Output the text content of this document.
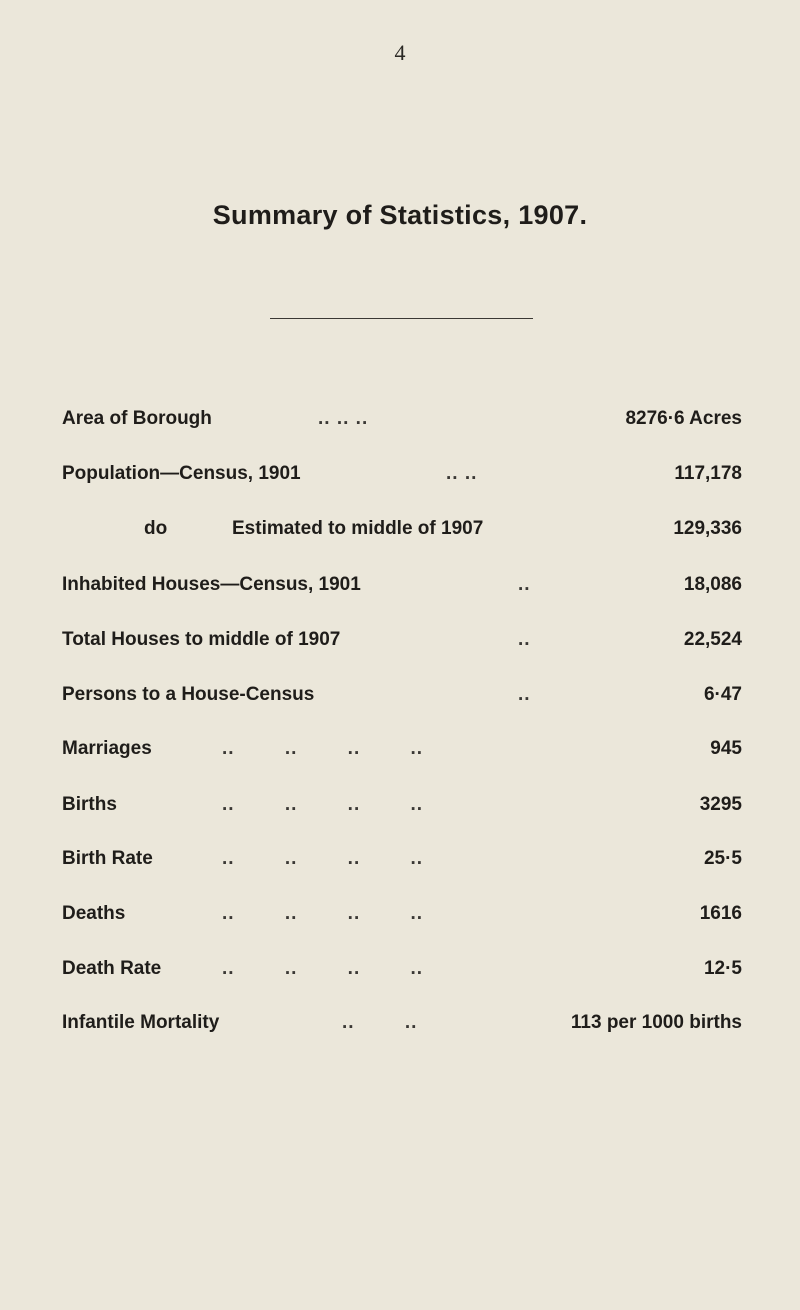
4
Summary of Statistics, 1907.
Area of Borough	.. .. ..	8276·6 Acres
Population—Census, 1901	.. ..	117,178
do	Estimated to middle of 1907	129,336
Inhabited Houses—Census, 1901	..	18,086
Total Houses to middle of 1907	..	22,524
Persons to a House-Census	..	6·47
Marriages	.. .. .. ..	945
Births	.. .. .. ..	3295
Birth Rate	.. .. .. ..	25·5
Deaths	.. .. .. ..	1616
Death Rate	.. .. .. ..	12·5
Infantile Mortality	.. ..	113 per 1000 births
